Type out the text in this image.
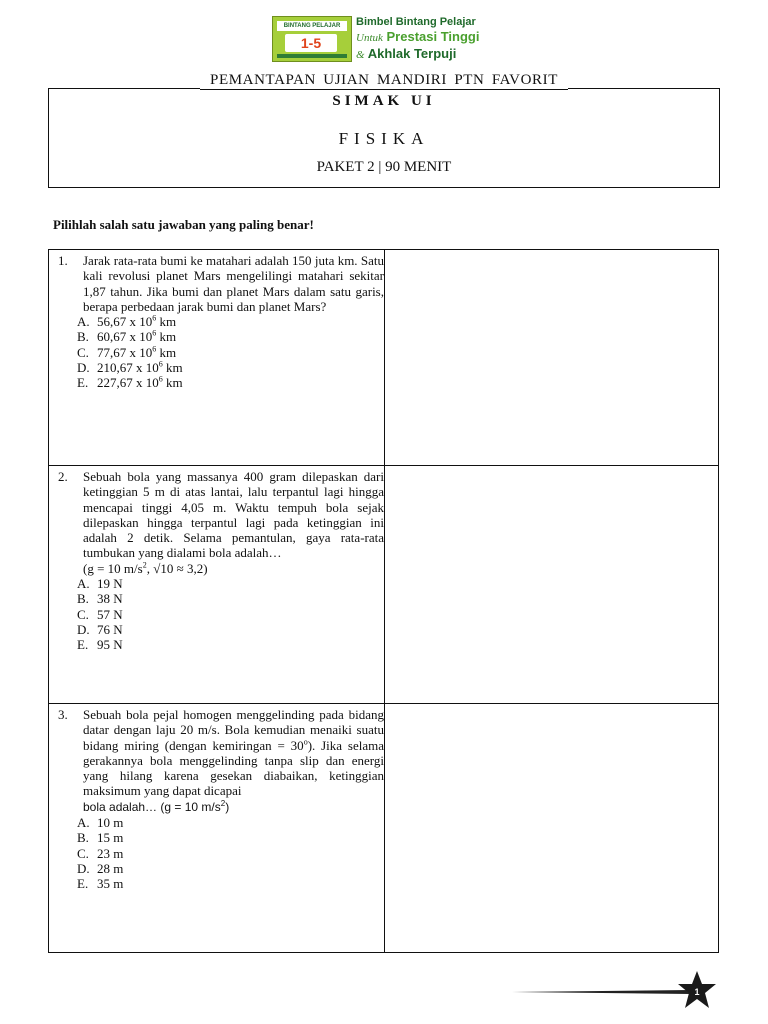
BINTANG PELAJAR
1-5
Bimbel Bintang Pelajar
Untuk Prestasi Tinggi
& Akhlak Terpuji
SIMAK UI
FISIKA
PAKET 2 | 90 MENIT
PEMANTAPAN UJIAN MANDIRI PTN FAVORIT
Pilihlah salah satu jawaban yang paling benar!
1.	Jarak rata-rata bumi ke matahari adalah 150 juta km. Satu kali revolusi planet Mars mengelilingi matahari sekitar 1,87 tahun. Jika bumi dan planet Mars dalam satu garis, berapa perbedaan jarak bumi dan planet Mars?
A. 56,67 x $10^6$ km
B. 60,67 x $10^6$ km
C. 77,67 x $10^6$ km
D. 210,67 x $10^6$ km
E. 227,67 x $10^6$ km
2.	Sebuah bola yang massanya 400 gram dilepaskan dari ketinggian 5 m di atas lantai, lalu terpantul lagi hingga mencapai tinggi 4,05 m. Waktu tempuh bola sejak dilepaskan hingga terpantul lagi pada ketinggian ini adalah 2 detik. Selama pemantulan, gaya rata-rata tumbukan yang dialami bola adalah…
(g = 10 $m/s^2$, √10 ≈ 3,2)
A. 19 N
B. 38 N
C. 57 N
D. 76 N
E. 95 N
3.	Sebuah bola pejal homogen menggelinding pada bidang datar dengan laju 20 m/s. Bola kemudian menaiki suatu bidang miring (dengan kemiringan = $30^o$). Jika selama gerakannya bola menggelinding tanpa slip dan energi yang hilang karena gesekan diabaikan, ketinggian maksimum yang dapat dicapai
bola adalah… (g = 10 $m/s^2$)
A. 10 m
B. 15 m
C. 23 m
D. 28 m
E. 35 m
1
